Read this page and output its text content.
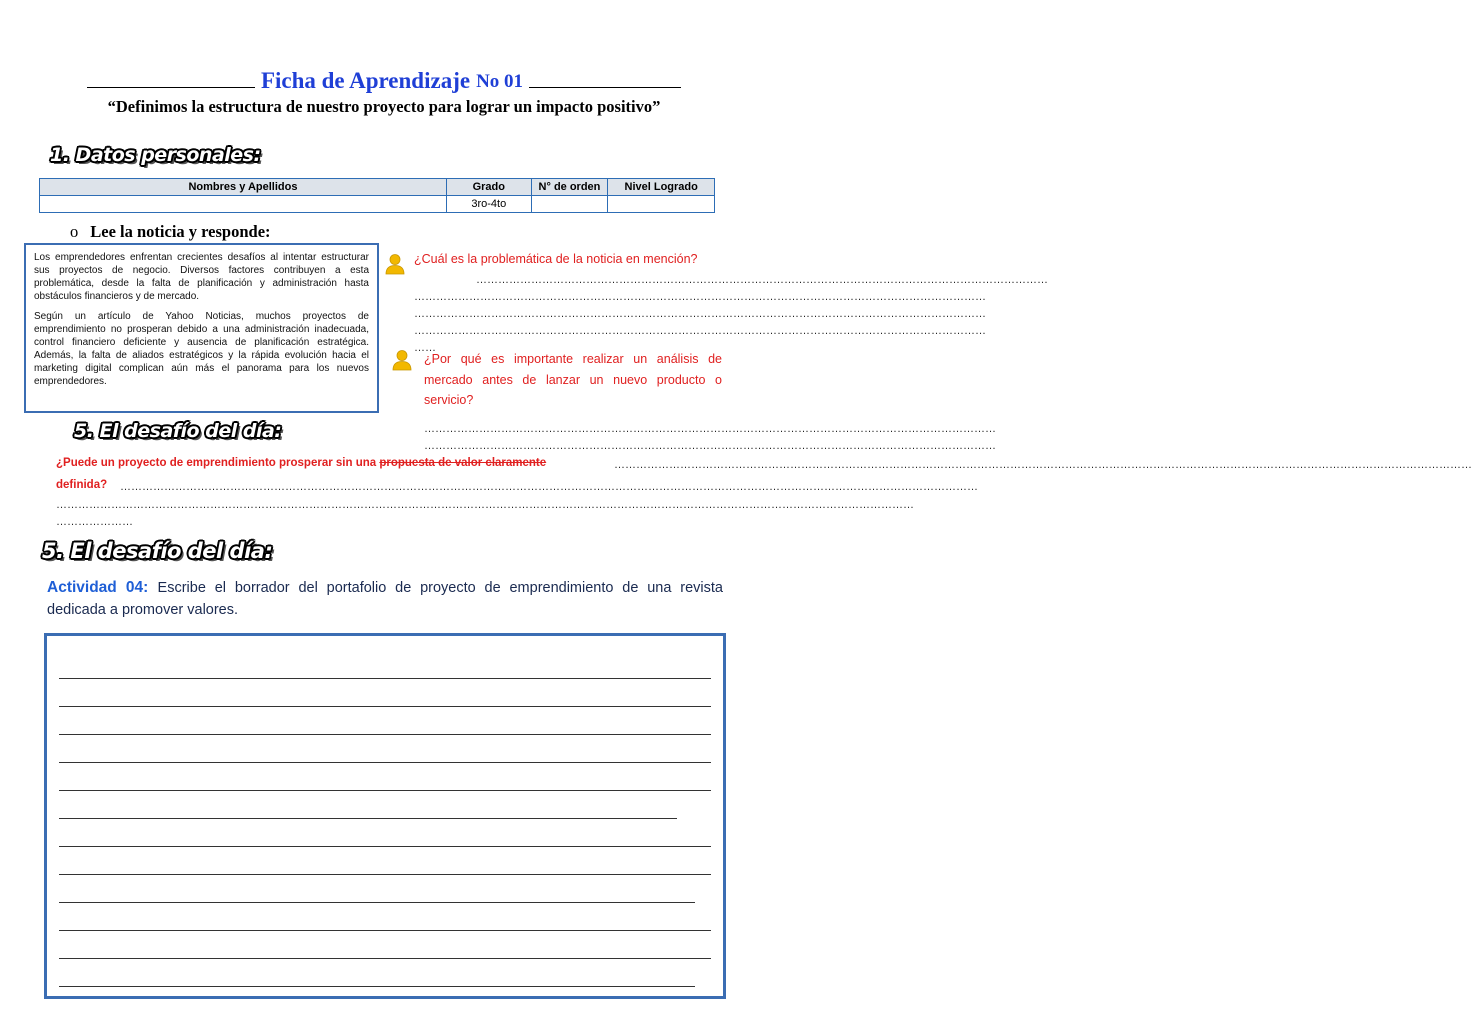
Ficha de Aprendizaje No 01
“Definimos la estructura de nuestro proyecto para lograr un impacto positivo”
1. Datos personales:
Nombres y Apellidos	Grado	N° de orden	Nivel Logrado
	3ro-4to		
o Lee la noticia y responde:

Los emprendedores enfrentan crecientes desafíos al intentar estructurar sus proyectos de negocio. Diversos factores contribuyen a esta problemática, desde la falta de planificación y administración hasta obstáculos financieros y de mercado.

Según un artículo de Yahoo Noticias, muchos proyectos de emprendimiento no prosperan debido a una administración inadecuada, control financiero deficiente y ausencia de planificación estratégica. Además, la falta de aliados estratégicos y la rápida evolución hacia el marketing digital complican aún más el panorama para los nuevos emprendedores.

¿Cuál es la problemática de la noticia en mención?
…………………………………………………………………………………………………………………………………………
…………………………………………………………………………………………………………………………………………
…………………………………………………………………………………………………………………………………………
…………………………………………………………………………………………………………………………………………
……
¿Por qué es importante realizar un análisis de mercado antes de lanzar un nuevo producto o servicio?
…………………………………………………………………………………………………………………………………………
…………………………………………………………………………………………………………………………………………
5. El desafío del día:
¿Puede un proyecto de emprendimiento prosperar sin una propuesta de valor claramente	………………………………………………………………………………………………………………………………………………………………………………………………………………
definida? ………………………………………………………………………………………………………………………………………………………………………………………………………………
………………………………………………………………………………………………………………………………………………………………………………………………………………
…………………
5. El desafío del día:
Actividad 04: Escribe el borrador del portafolio de proyecto de emprendimiento de una revista dedicada a promover valores.
